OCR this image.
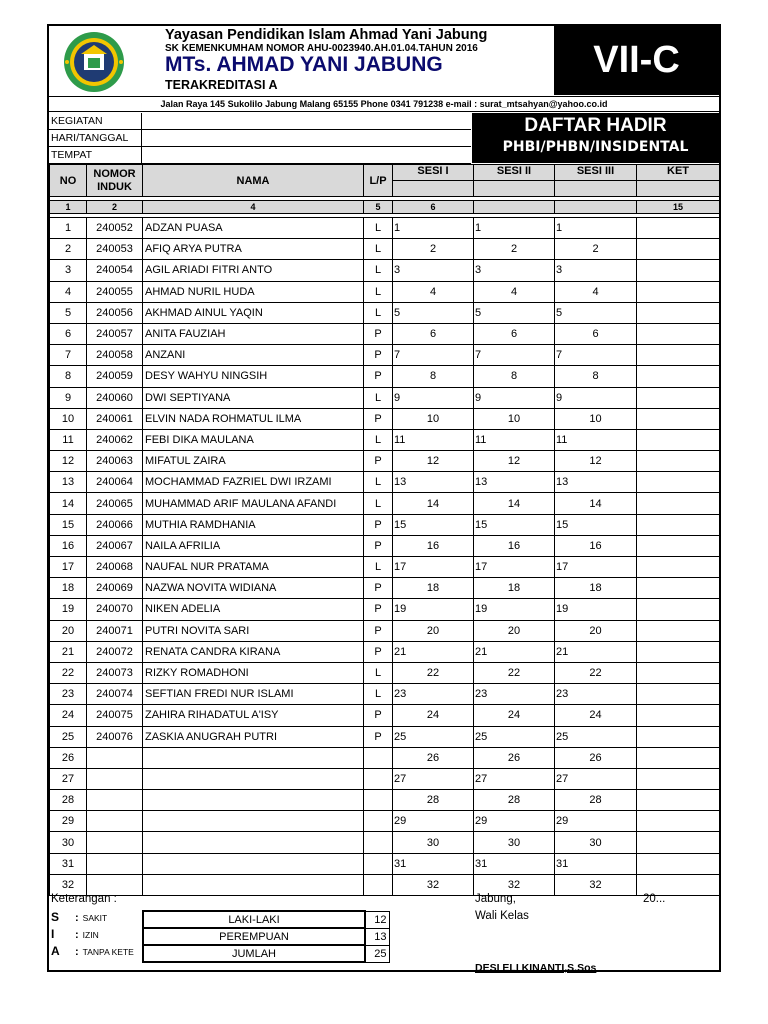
Yayasan Pendidikan Islam Ahmad Yani Jabung
SK KEMENKUMHAM NOMOR AHU-0023940.AH.01.04.TAHUN 2016
MTs. AHMAD YANI JABUNG
TERAKREDITASI A
VII-C
Jalan Raya 145 Sukolilo Jabung Malang 65155 Phone 0341 791238 e-mail : surat_mtsahyan@yahoo.co.id
KEGIATAN
HARI/TANGGAL
TEMPAT
DAFTAR HADIR
PHBI/PHBN/INSIDENTAL
NO	NOMOR INDUK	NAMA	L/P	SESI I	SESI II	SESI III	KET

1	2	4	5	6			15

1	240052	ADZAN PUASA	L	1	1	1	
2	240053	AFIQ ARYA PUTRA	L	2	2	2	
3	240054	AGIL ARIADI FITRI ANTO	L	3	3	3	
4	240055	AHMAD NURIL HUDA	L	4	4	4	
5	240056	AKHMAD AINUL YAQIN	L	5	5	5	
6	240057	ANITA FAUZIAH	P	6	6	6	
7	240058	ANZANI	P	7	7	7	
8	240059	DESY WAHYU NINGSIH	P	8	8	8	
9	240060	DWI SEPTIYANA	L	9	9	9	
10	240061	ELVIN NADA ROHMATUL ILMA	P	10	10	10	
11	240062	FEBI DIKA MAULANA	L	11	11	11	
12	240063	MIFATUL ZAIRA	P	12	12	12	
13	240064	MOCHAMMAD FAZRIEL DWI IRZAMI	L	13	13	13	
14	240065	MUHAMMAD ARIF MAULANA AFANDI	L	14	14	14	
15	240066	MUTHIA RAMDHANIA	P	15	15	15	
16	240067	NAILA AFRILIA	P	16	16	16	
17	240068	NAUFAL NUR PRATAMA	L	17	17	17	
18	240069	NAZWA NOVITA WIDIANA	P	18	18	18	
19	240070	NIKEN ADELIA	P	19	19	19	
20	240071	PUTRI NOVITA SARI	P	20	20	20	
21	240072	RENATA CANDRA KIRANA	P	21	21	21	
22	240073	RIZKY ROMADHONI	L	22	22	22	
23	240074	SEFTIAN FREDI NUR ISLAMI	L	23	23	23	
24	240075	ZAHIRA RIHADATUL A'ISY	P	24	24	24	
25	240076	ZASKIA ANUGRAH PUTRI	P	25	25	25	
26				26	26	26	
27				27	27	27	
28				28	28	28	
29				29	29	29	
30				30	30	30	
31				31	31	31	
32				32	32	32	
Keterangan :
S : SAKIT
I : IZIN
A : TANPA KETE
LAKI-LAKI	12
PEREMPUAN	13
JUMLAH	25
Jabung,	20...
Wali Kelas
DESI ELI KINANTI,S.Sos
